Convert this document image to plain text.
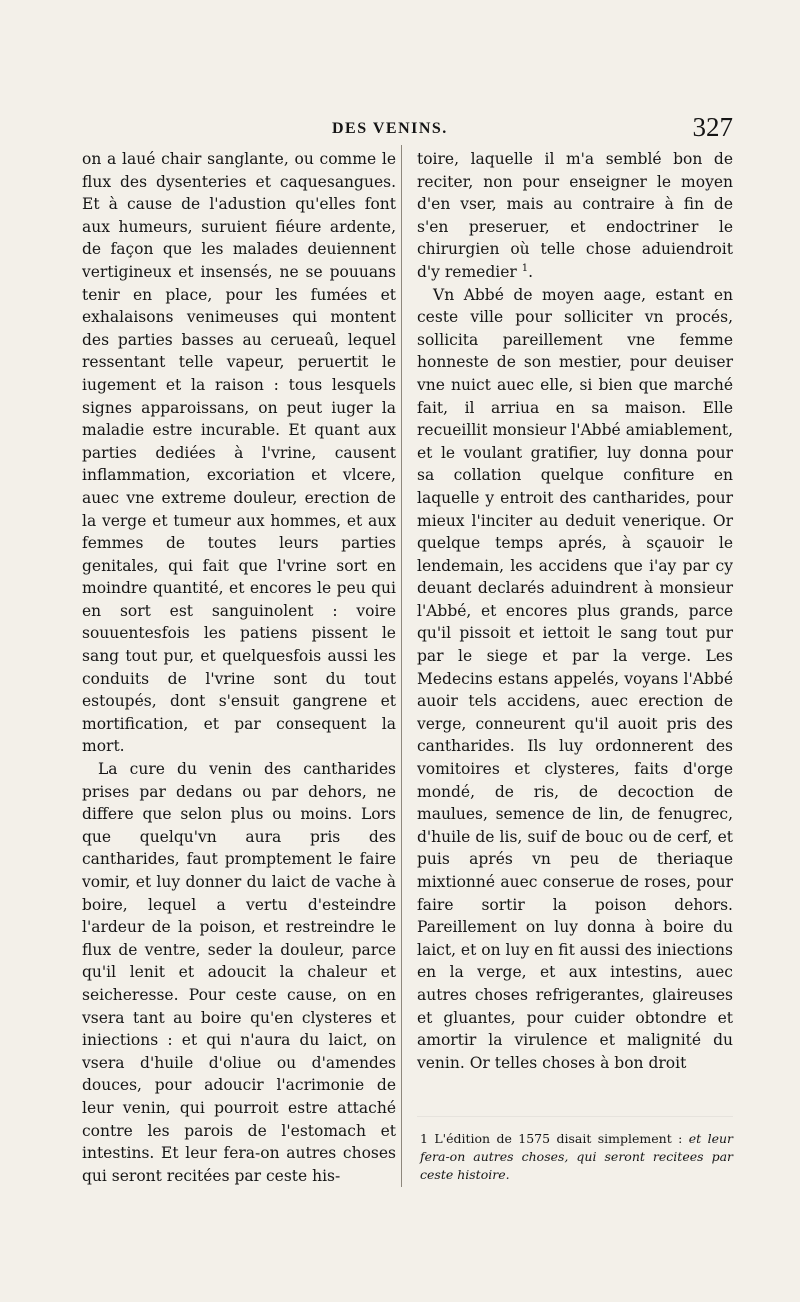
DES VENINS.	327

on a laué chair sanglante, ou comme le flux des dysenteries et caquesangues. Et à cause de l'adustion qu'elles font aux humeurs, suruient fiéure ardente, de façon que les malades deuiennent vertigineux et insensés, ne se pouuans tenir en place, pour les fumées et exhalaisons venimeuses qui montent des parties basses au cerueaû, lequel ressentant telle vapeur, peruertit le iugement et la raison : tous lesquels signes apparoissans, on peut iuger la maladie estre incurable. Et quant aux parties dediées à l'vrine, causent inflammation, excoriation et vlcere, auec vne extreme douleur, erection de la verge et tumeur aux hommes, et aux femmes de toutes leurs parties genitales, qui fait que l'vrine sort en moindre quantité, et encores le peu qui en sort est sanguinolent : voire souuentesfois les patiens pissent le sang tout pur, et quelquesfois aussi les conduits de l'vrine sont du tout estoupés, dont s'ensuit gangrene et mortification, et par consequent la mort.

La cure du venin des cantharides prises par dedans ou par dehors, ne differe que selon plus ou moins. Lors que quelqu'vn aura pris des cantharides, faut promptement le faire vomir, et luy donner du laict de vache à boire, lequel a vertu d'esteindre l'ardeur de la poison, et restreindre le flux de ventre, seder la douleur, parce qu'il lenit et adoucit la chaleur et seicheresse. Pour ceste cause, on en vsera tant au boire qu'en clysteres et iniections : et qui n'aura du laict, on vsera d'huile d'oliue ou d'amendes douces, pour adoucir l'acrimonie de leur venin, qui pourroit estre attaché contre les parois de l'estomach et intestins. Et leur fera-on autres choses qui seront recitées par ceste his-

toire, laquelle il m'a semblé bon de reciter, non pour enseigner le moyen d'en vser, mais au contraire à fin de s'en preseruer, et endoctriner le chirurgien où telle chose aduiendroit d'y remedier $^1$.

Vn Abbé de moyen aage, estant en ceste ville pour solliciter vn procés, sollicita pareillement vne femme honneste de son mestier, pour deuiser vne nuict auec elle, si bien que marché fait, il arriua en sa maison. Elle recueillit monsieur l'Abbé amiablement, et le voulant gratifier, luy donna pour sa collation quelque confiture en laquelle y entroit des cantharides, pour mieux l'inciter au deduit venerique. Or quelque temps aprés, à sçauoir le lendemain, les accidens que i'ay par cy deuant declarés aduindrent à monsieur l'Abbé, et encores plus grands, parce qu'il pissoit et iettoit le sang tout pur par le siege et par la verge. Les Medecins estans appelés, voyans l'Abbé auoir tels accidens, auec erection de verge, conneurent qu'il auoit pris des cantharides. Ils luy ordonnerent des vomitoires et clysteres, faits d'orge mondé, de ris, de decoction de maulues, semence de lin, de fenugrec, d'huile de lis, suif de bouc ou de cerf, et puis aprés vn peu de theriaque mixtionné auec conserue de roses, pour faire sortir la poison dehors. Pareillement on luy donna à boire du laict, et on luy en fit aussi des iniections en la verge, et aux intestins, auec autres choses refrigerantes, glaireuses et gluantes, pour cuider obtondre et amortir la virulence et malignité du venin. Or telles choses à bon droit

1 L'édition de 1575 disait simplement : et leur fera-on autres choses, qui seront recitees par ceste histoire.
